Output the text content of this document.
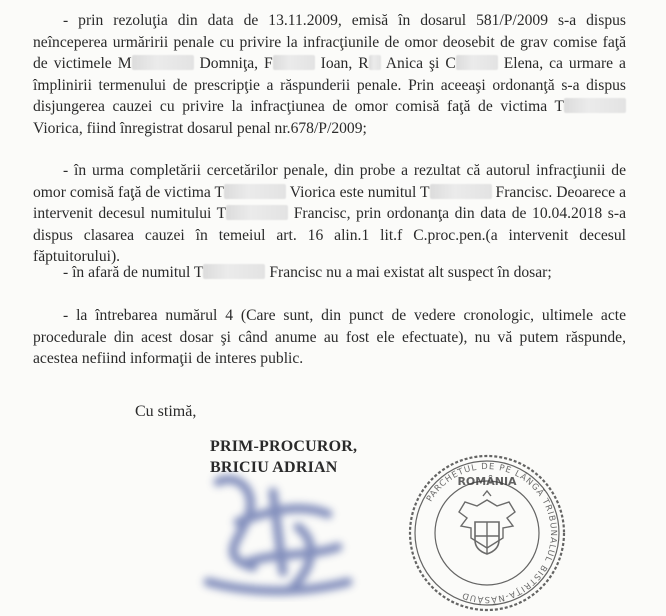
- prin rezoluţia din data de 13.11.2009, emisă în dosarul 581/P/2009 s-a dispus neînceperea urmăririi penale cu privire la infracţiunile de omor deosebit de grav comise faţă de victimele M	Domniţa, F	Ioan, R Anica şi C	Elena, ca urmare a împlinirii termenului de prescripţie a răspunderii penale. Prin aceeaşi ordonanţă s-a dispus disjungerea cauzei cu privire la infracţiunea de omor comisă faţă de victima T Viorica, fiind înregistrat dosarul penal nr.678/P/2009;

- în urma completării cercetărilor penale, din probe a rezultat că autorul infracţiunii de omor comisă faţă de victima T	Viorica este numitul T	Francisc. Deoarece a intervenit decesul numitului T	Francisc, prin ordonanţa din data de 10.04.2018 s-a dispus clasarea cauzei în temeiul art. 16 alin.1 lit.f C.proc.pen.(a intervenit decesul făptuitorului).

- în afară de numitul T	Francisc nu a mai existat alt suspect în dosar;

- la întrebarea numărul 4 (Care sunt, din punct de vedere cronologic, ultimele acte procedurale din acest dosar şi când anume au fost ele efectuate), nu vă putem răspunde, acestea nefiind informaţii de interes public.

Cu stimă,

PRIM-PROCUROR,

BRICIU ADRIAN

PARCHETUL DE PE LÂNGĂ TRIBUNALUL BISTRIŢA-NĂSĂUD
ROMÂNIA
